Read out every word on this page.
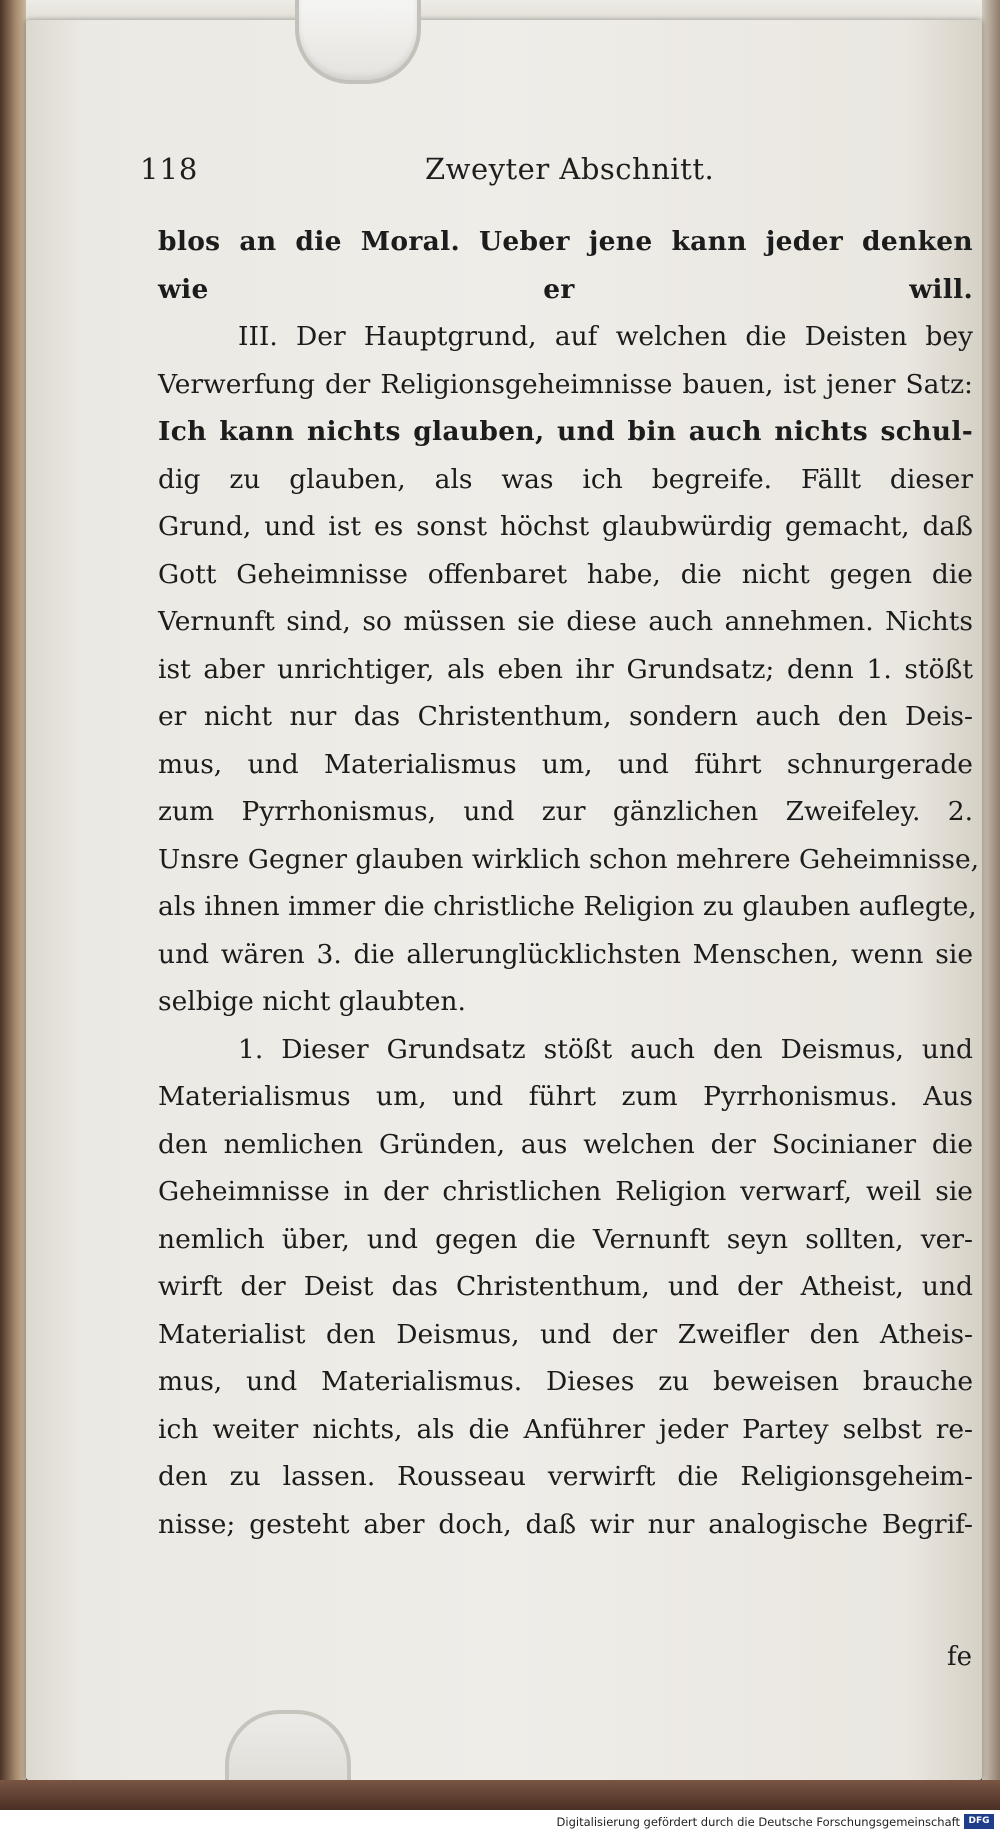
118	Zweyter Abschnitt.
blos an die Moral. Ueber jene kann jeder denken
wie er will.
III. Der Hauptgrund, auf welchen die Deisten bey
Verwerfung der Religionsgeheimnisse bauen, ist jener Satz:
Ich kann nichts glauben, und bin auch nichts schul-
dig zu glauben, als was ich begreife. Fällt dieser
Grund, und ist es sonst höchst glaubwürdig gemacht, daß
Gott Geheimnisse offenbaret habe, die nicht gegen die
Vernunft sind, so müssen sie diese auch annehmen. Nichts
ist aber unrichtiger, als eben ihr Grundsatz; denn 1. stößt
er nicht nur das Christenthum, sondern auch den Deis-
mus, und Materialismus um, und führt schnurgerade
zum Pyrrhonismus, und zur gänzlichen Zweifeley. 2.
Unsre Gegner glauben wirklich schon mehrere Geheimnisse,
als ihnen immer die christliche Religion zu glauben auflegte,
und wären 3. die allerunglücklichsten Menschen, wenn sie
selbige nicht glaubten.
1. Dieser Grundsatz stößt auch den Deismus, und
Materialismus um, und führt zum Pyrrhonismus. Aus
den nemlichen Gründen, aus welchen der Socinianer die
Geheimnisse in der christlichen Religion verwarf, weil sie
nemlich über, und gegen die Vernunft seyn sollten, ver-
wirft der Deist das Christenthum, und der Atheist, und
Materialist den Deismus, und der Zweifler den Atheis-
mus, und Materialismus. Dieses zu beweisen brauche
ich weiter nichts, als die Anführer jeder Partey selbst re-
den zu lassen. Rousseau verwirft die Religionsgeheim-
nisse; gesteht aber doch, daß wir nur analogische Begrif-
fe
Digitalisierung gefördert durch die Deutsche Forschungsgemeinschaft DFG
